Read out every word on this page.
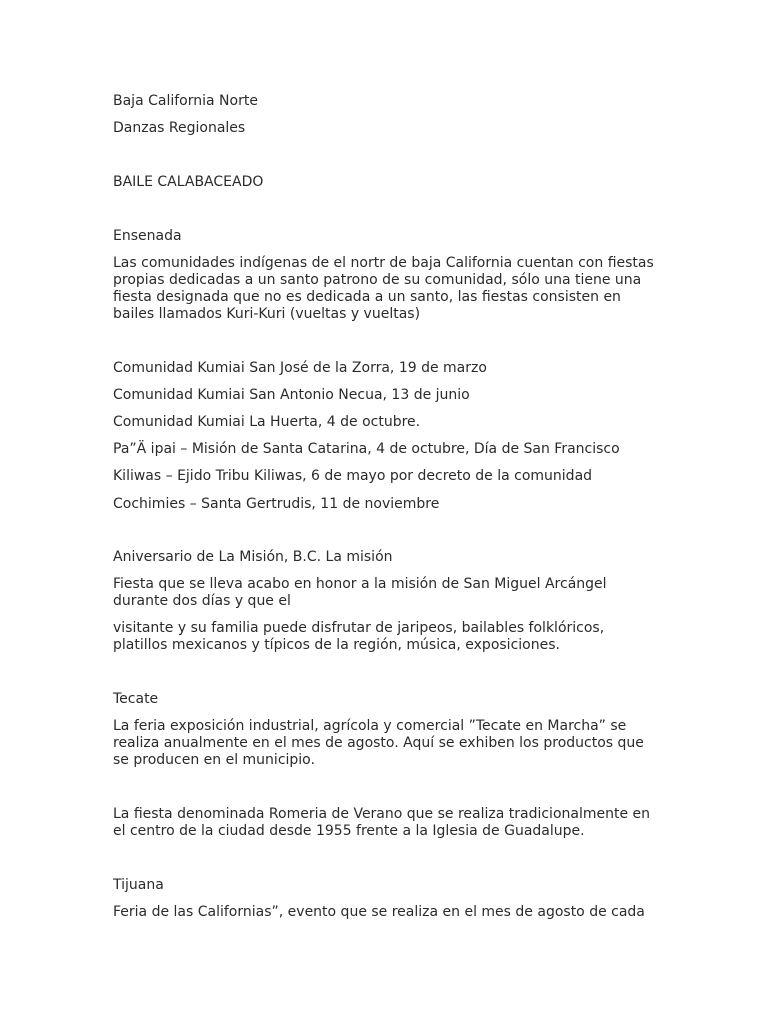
Baja California Norte

Danzas Regionales

BAILE CALABACEADO

Ensenada

Las comunidades indígenas de el nortr de baja California cuentan con fiestas propias dedicadas a un santo patrono de su comunidad, sólo una tiene una fiesta designada que no es dedicada a un santo, las fiestas consisten en bailes llamados Kuri-Kuri (vueltas y vueltas)

Comunidad Kumiai San José de la Zorra, 19 de marzo

Comunidad Kumiai San Antonio Necua, 13 de junio

Comunidad Kumiai La Huerta, 4 de octubre.

Pa”Ä ipai – Misión de Santa Catarina, 4 de octubre, Día de San Francisco

Kiliwas – Ejido Tribu Kiliwas, 6 de mayo por decreto de la comunidad

Cochimies – Santa Gertrudis, 11 de noviembre

Aniversario de La Misión, B.C. La misión

Fiesta que se lleva acabo en honor a la misión de San Miguel Arcángel durante dos días y que el

visitante y su familia puede disfrutar de jaripeos, bailables folklóricos, platillos mexicanos y típicos de la región, música, exposiciones.

Tecate

La feria exposición industrial, agrícola y comercial ”Tecate en Marcha” se realiza anualmente en el mes de agosto. Aquí se exhiben los productos que se producen en el municipio.

La fiesta denominada Romeria de Verano que se realiza tradicionalmente en el centro de la ciudad desde 1955 frente a la Iglesia de Guadalupe.

Tijuana

Feria de las Californias”, evento que se realiza en el mes de agosto de cada
